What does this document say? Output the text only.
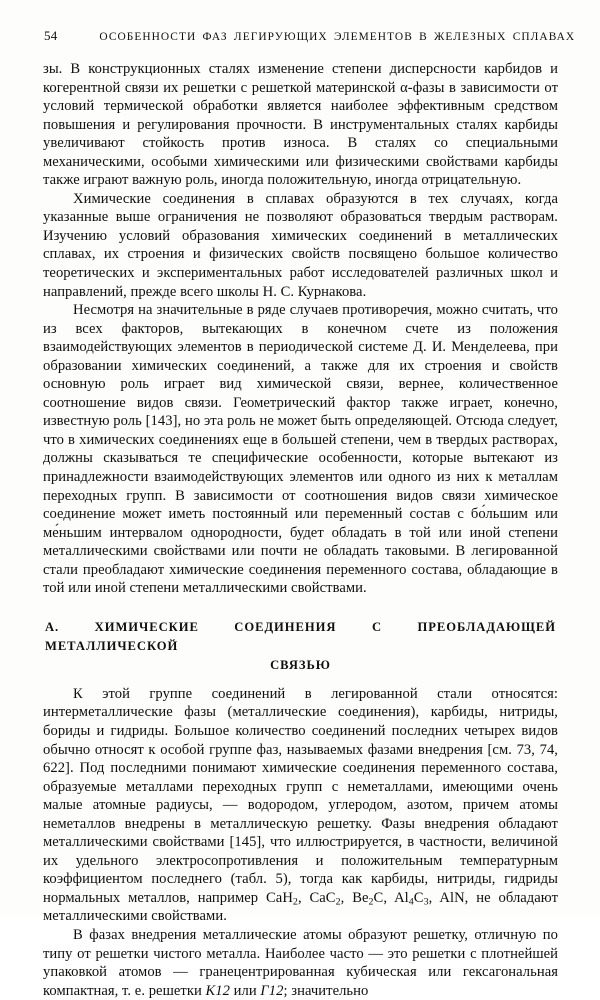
54	ОСОБЕННОСТИ ФАЗ ЛЕГИРУЮЩИХ ЭЛЕМЕНТОВ В ЖЕЛЕЗНЫХ СПЛАВАХ

зы. В конструкционных сталях изменение степени дисперсности карбидов и когерентной связи их решетки с решеткой материнской α-фазы в зависимости от условий термической обработки является наиболее эффективным средством повышения и регулирования прочности. В инструментальных сталях карбиды увеличивают стойкость против износа. В сталях со специальными механическими, особыми химическими или физическими свойствами карбиды также играют важную роль, иногда положительную, иногда отрицательную.

Химические соединения в сплавах образуются в тех случаях, когда указанные выше ограничения не позволяют образоваться твердым растворам. Изучению условий образования химических соединений в металлических сплавах, их строения и физических свойств посвящено большое количество теоретических и экспериментальных работ исследователей различных школ и направлений, прежде всего школы Н. С. Курнакова.

Несмотря на значительные в ряде случаев противоречия, можно считать, что из всех факторов, вытекающих в конечном счете из положения взаимодействующих элементов в периодической системе Д. И. Менделеева, при образовании химических соединений, а также для их строения и свойств основную роль играет вид химической связи, вернее, количественное соотношение видов связи. Геометрический фактор также играет, конечно, известную роль [143], но эта роль не может быть определяющей. Отсюда следует, что в химических соединениях еще в большей степени, чем в твердых растворах, должны сказываться те специфические особенности, которые вытекают из принадлежности взаимодействующих элементов или одного из них к металлам переходных групп. В зависимости от соотношения видов связи химическое соединение может иметь постоянный или переменный состав с бо́льшим или ме́ньшим интервалом однородности, будет обладать в той или иной степени металлическими свойствами или почти не обладать таковыми. В легированной стали преобладают химические соединения переменного состава, обладающие в той или иной степени металлическими свойствами.

А. ХИМИЧЕСКИЕ СОЕДИНЕНИЯ С ПРЕОБЛАДАЮЩЕЙ МЕТАЛЛИЧЕСКОЙ
СВЯЗЬЮ

К этой группе соединений в легированной стали относятся: интерметаллические фазы (металлические соединения), карбиды, нитриды, бориды и гидриды. Большое количество соединений последних четырех видов обычно относят к особой группе фаз, называемых фазами внедрения [см. 73, 74, 622]. Под последними понимают химические соединения переменного состава, образуемые металлами переходных групп с неметаллами, имеющими очень малые атомные радиусы, — водородом, углеродом, азотом, причем атомы неметаллов внедрены в металлическую решетку. Фазы внедрения обладают металлическими свойствами [145], что иллюстрируется, в частности, величиной их удельного электросопротивления и положительным температурным коэффициентом последнего (табл. 5), тогда как карбиды, нитриды, гидриды нормальных металлов, например CaH$_2$, CaC$_2$, $Be_2C$, $Al_4C_3$, AlN, не обладают металлическими свойствами.

В фазах внедрения металлические атомы образуют решетку, отличную по типу от решетки чистого металла. Наиболее часто — это решетки с плотнейшей упаковкой атомов — гранецентрированная кубическая или гексагональная компактная, т. е. решетки К12 или Г12; значительно
